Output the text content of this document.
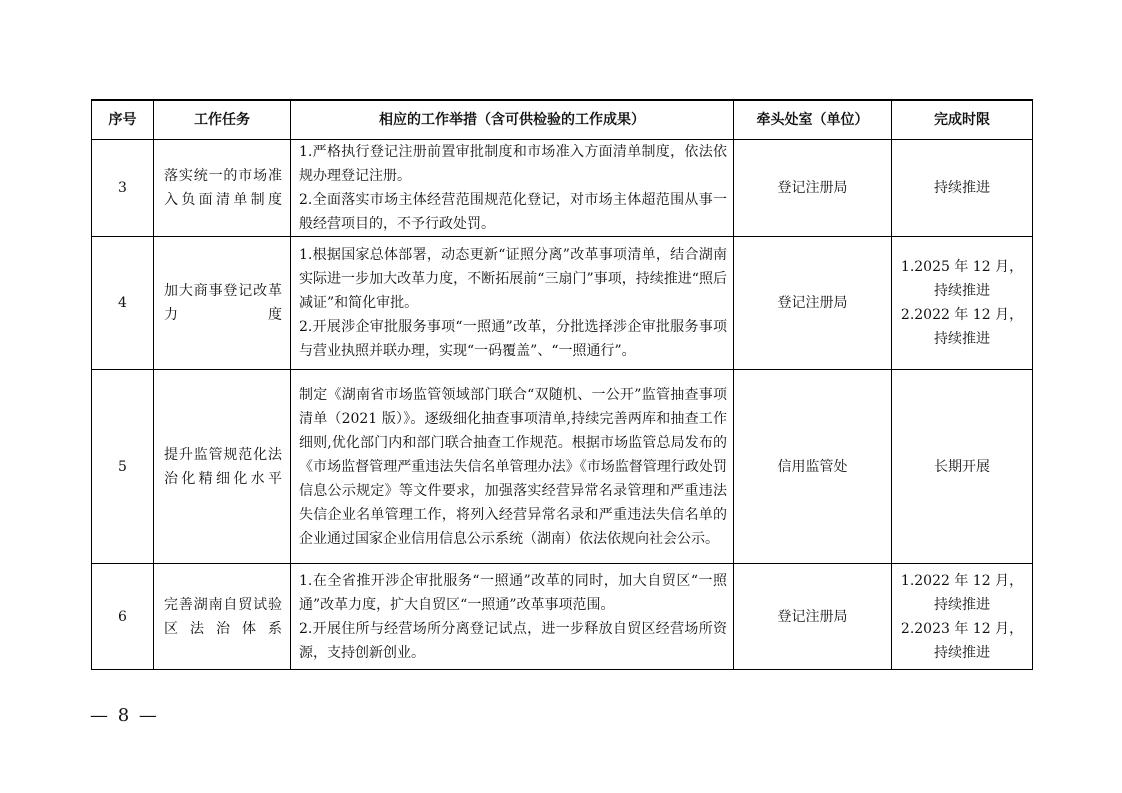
序号	工作任务	相应的工作举措（含可供检验的工作成果）	牵头处室（单位）	完成时限
3	落实统一的市场准入负面清单制度	1.严格执行登记注册前置审批制度和市场准入方面清单制度，依法依规办理登记注册。
2.全面落实市场主体经营范围规范化登记，对市场主体超范围从事一般经营项目的，不予行政处罚。	登记注册局	持续推进

4	加大商事登记改革力度	1.根据国家总体部署，动态更新“证照分离”改革事项清单，结合湖南实际进一步加大改革力度，不断拓展前“三扇门”事项，持续推进“照后减证”和简化审批。
2.开展涉企审批服务事项“一照通”改革，分批选择涉企审批服务事项与营业执照并联办理，实现“一码覆盖”、“一照通行”。	登记注册局	1.2025 年 12 月，
持续推进
2.2022 年 12 月，
持续推进

5	提升监管规范化法治化精细化水平	制定《湖南省市场监管领域部门联合“双随机、一公开”监管抽查事项清单（2021 版）》。逐级细化抽查事项清单,持续完善两库和抽查工作细则,优化部门内和部门联合抽查工作规范。根据市场监管总局发布的《市场监督管理严重违法失信名单管理办法》《市场监督管理行政处罚信息公示规定》等文件要求，加强落实经营异常名录管理和严重违法失信企业名单管理工作，将列入经营异常名录和严重违法失信名单的企业通过国家企业信用信息公示系统（湖南）依法依规向社会公示。	信用监管处	长期开展

6	完善湖南自贸试验区法治体系	1.在全省推开涉企审批服务“一照通”改革的同时，加大自贸区“一照通”改革力度，扩大自贸区“一照通”改革事项范围。
2.开展住所与经营场所分离登记试点，进一步释放自贸区经营场所资源，支持创新创业。	登记注册局	1.2022 年 12 月，
持续推进
2.2023 年 12 月，
持续推进
— 8 —
